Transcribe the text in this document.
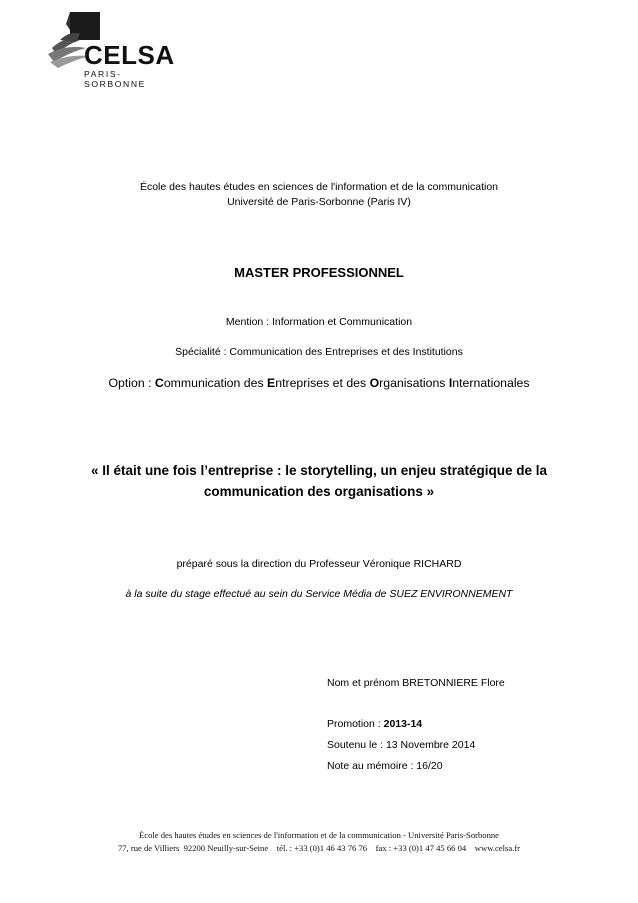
CELSA
PARIS-SORBONNE
École des hautes études en sciences de l'information et de la communication
Université de Paris-Sorbonne (Paris IV)
MASTER PROFESSIONNEL
Mention : Information et Communication
Spécialité : Communication des Entreprises et des Institutions
Option : Communication des Entreprises et des Organisations Internationales
« Il était une fois l’entreprise : le storytelling, un enjeu stratégique de la
communication des organisations »
préparé sous la direction du Professeur Véronique RICHARD
à la suite du stage effectué au sein du Service Média de SUEZ ENVIRONNEMENT
Nom et prénom BRETONNIERE Flore
Promotion : 2013-14
Soutenu le : 13 Novembre 2014
Note au mémoire : 16/20
École des hautes études en sciences de l'information et de la communication - Université Paris-Sorbonne
77, rue de Villiers  92200 Neuilly-sur-Seine    tél. : +33 (0)1 46 43 76 76    fax : +33 (0)1 47 45 66 04    www.celsa.fr
